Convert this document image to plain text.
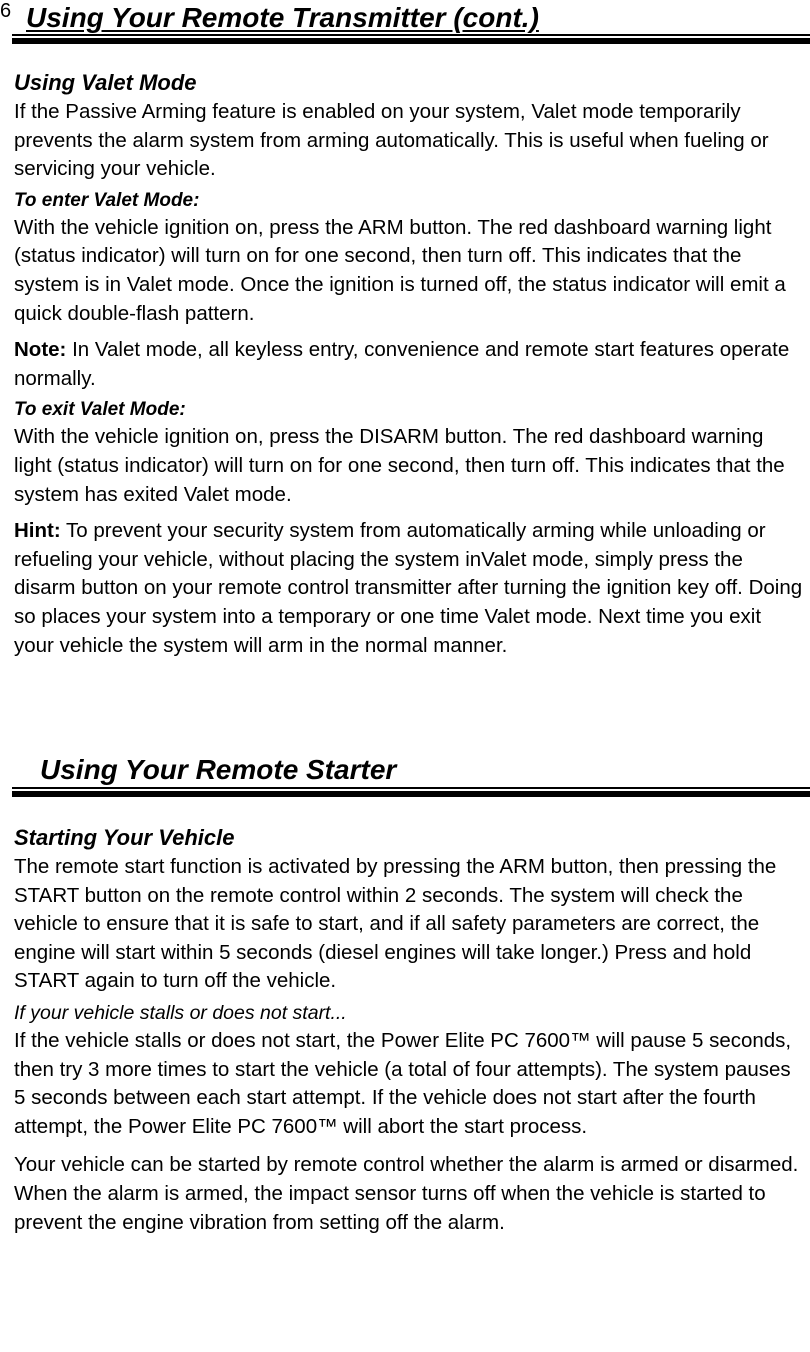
6 Using Your Remote Transmitter (cont.)

Using Valet Mode

If the Passive Arming feature is enabled on your system, Valet mode temporarily prevents the alarm system from arming automatically. This is useful when fueling or servicing your vehicle.

To enter Valet Mode:

With the vehicle ignition on, press the ARM button. The red dashboard warning light (status indicator) will turn on for one second, then turn off. This indicates that the system is in Valet mode. Once the ignition is turned off, the status indicator will emit a quick double-flash pattern.

Note: In Valet mode, all keyless entry, convenience and remote start features operate normally.

To exit Valet Mode:

With the vehicle ignition on, press the DISARM button. The red dashboard warning light (status indicator) will turn on for one second, then turn off. This indicates that the system has exited Valet mode.

Hint: To prevent your security system from automatically arming while unloading or refueling your vehicle, without placing the system inValet mode, simply press the disarm button on your remote control transmitter after turning the ignition key off. Doing so places your system into a temporary or one time Valet mode. Next time you exit your vehicle the system will arm in the normal manner.

Using Your Remote Starter

Starting Your Vehicle

The remote start function is activated by pressing the ARM button, then pressing the START button on the remote control within 2 seconds. The system will check the vehicle to ensure that it is safe to start, and if all safety parameters are correct, the engine will start within 5 seconds (diesel engines will take longer.) Press and hold START again to turn off the vehicle.

If your vehicle stalls or does not start...

If the vehicle stalls or does not start, the Power Elite PC 7600™ will pause 5 seconds, then try 3 more times to start the vehicle (a total of four attempts). The system pauses 5 seconds between each start attempt. If the vehicle does not start after the fourth attempt, the Power Elite PC 7600™ will abort the start process.

Your vehicle can be started by remote control whether the alarm is armed or disarmed. When the alarm is armed, the impact sensor turns off when the vehicle is started to prevent the engine vibration from setting off the alarm.
